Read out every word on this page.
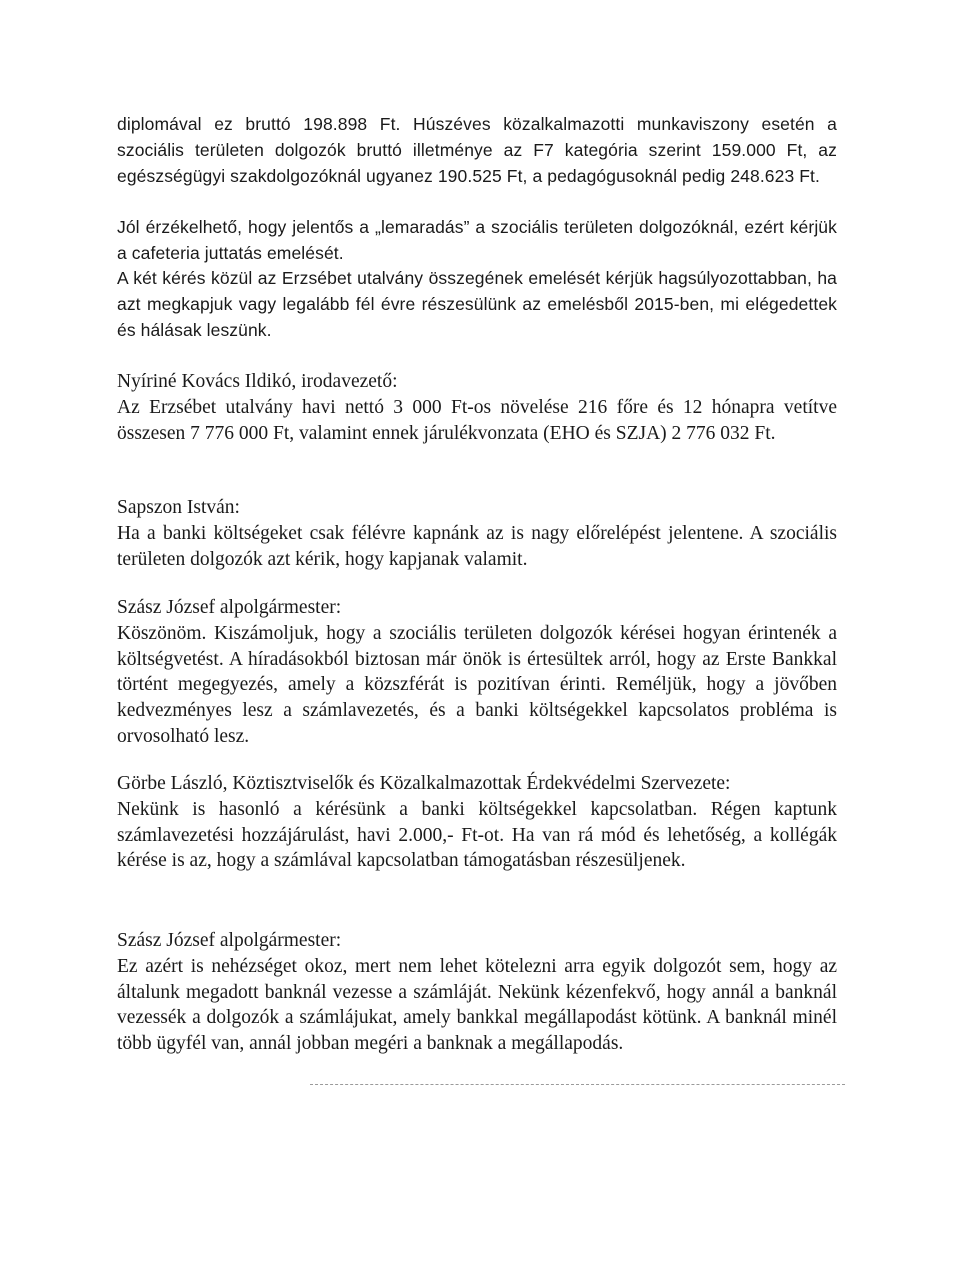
diplomával ez bruttó 198.898 Ft. Húszéves közalkalmazotti munkaviszony esetén a szociális területen dolgozók bruttó illetménye az F7 kategória szerint 159.000 Ft, az egészségügyi szakdolgozóknál ugyanez 190.525 Ft, a pedagógusoknál pedig 248.623 Ft.

Jól érzékelhető, hogy jelentős a „lemaradás” a szociális területen dolgozóknál, ezért kérjük a cafeteria juttatás emelését.

A két kérés közül az Erzsébet utalvány összegének emelését kérjük hagsúlyozottabban, ha azt megkapjuk vagy legalább fél évre részesülünk az emelésből 2015-ben, mi elégedettek és hálásak leszünk.

Nyíriné Kovács Ildikó, irodavezető:
Az Erzsébet utalvány havi nettó 3 000 Ft-os növelése 216 főre és 12 hónapra vetítve összesen 7 776 000 Ft, valamint ennek járulékvonzata (EHO és SZJA) 2 776 032 Ft.
Sapszon István:
Ha a banki költségeket csak félévre kapnánk az is nagy előrelépést jelentene. A szociális területen dolgozók azt kérik, hogy kapjanak valamit.
Szász József alpolgármester:
Köszönöm. Kiszámoljuk, hogy a szociális területen dolgozók kérései hogyan érintenék a költségvetést. A híradásokból biztosan már önök is értesültek arról, hogy az Erste Bankkal történt megegyezés, amely a közszférát is pozitívan érinti. Reméljük, hogy a jövőben kedvezményes lesz a számlavezetés, és a banki költségekkel kapcsolatos probléma is orvosolható lesz.
Görbe László, Köztisztviselők és Közalkalmazottak Érdekvédelmi Szervezete:
Nekünk is hasonló a kérésünk a banki költségekkel kapcsolatban. Régen kaptunk számlavezetési hozzájárulást, havi 2.000,- Ft-ot. Ha van rá mód és lehetőség, a kollégák kérése is az, hogy a számlával kapcsolatban támogatásban részesüljenek.
Szász József alpolgármester:
Ez azért is nehézséget okoz, mert nem lehet kötelezni arra egyik dolgozót sem, hogy az általunk megadott banknál vezesse a számláját. Nekünk kézenfekvő, hogy annál a banknál vezessék a dolgozók a számlájukat, amely bankkal megállapodást kötünk. A banknál minél több ügyfél van, annál jobban megéri a banknak a megállapodás.
